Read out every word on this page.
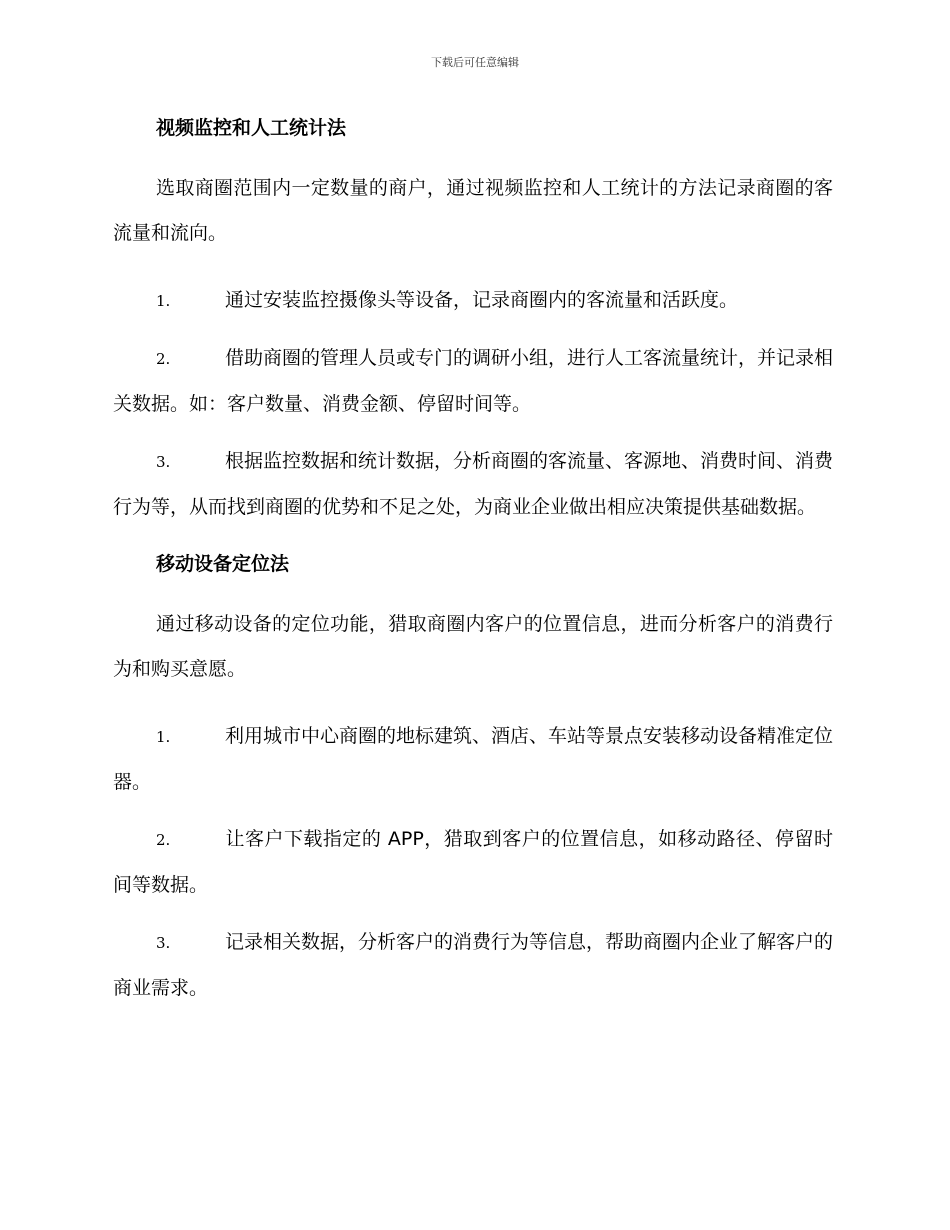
下载后可任意编辑
视频监控和人工统计法

选取商圈范围内一定数量的商户，通过视频监控和人工统计的方法记录商圈的客流量和流向。

1.	通过安装监控摄像头等设备，记录商圈内的客流量和活跃度。

2.	借助商圈的管理人员或专门的调研小组，进行人工客流量统计，并记录相关数据。如：客户数量、消费金额、停留时间等。

3.	根据监控数据和统计数据，分析商圈的客流量、客源地、消费时间、消费行为等，从而找到商圈的优势和不足之处，为商业企业做出相应决策提供基础数据。

移动设备定位法

通过移动设备的定位功能，猎取商圈内客户的位置信息，进而分析客户的消费行为和购买意愿。

1.	利用城市中心商圈的地标建筑、酒店、车站等景点安装移动设备精准定位器。

2.	让客户下载指定的 APP，猎取到客户的位置信息，如移动路径、停留时间等数据。

3.	记录相关数据，分析客户的消费行为等信息，帮助商圈内企业了解客户的商业需求。
